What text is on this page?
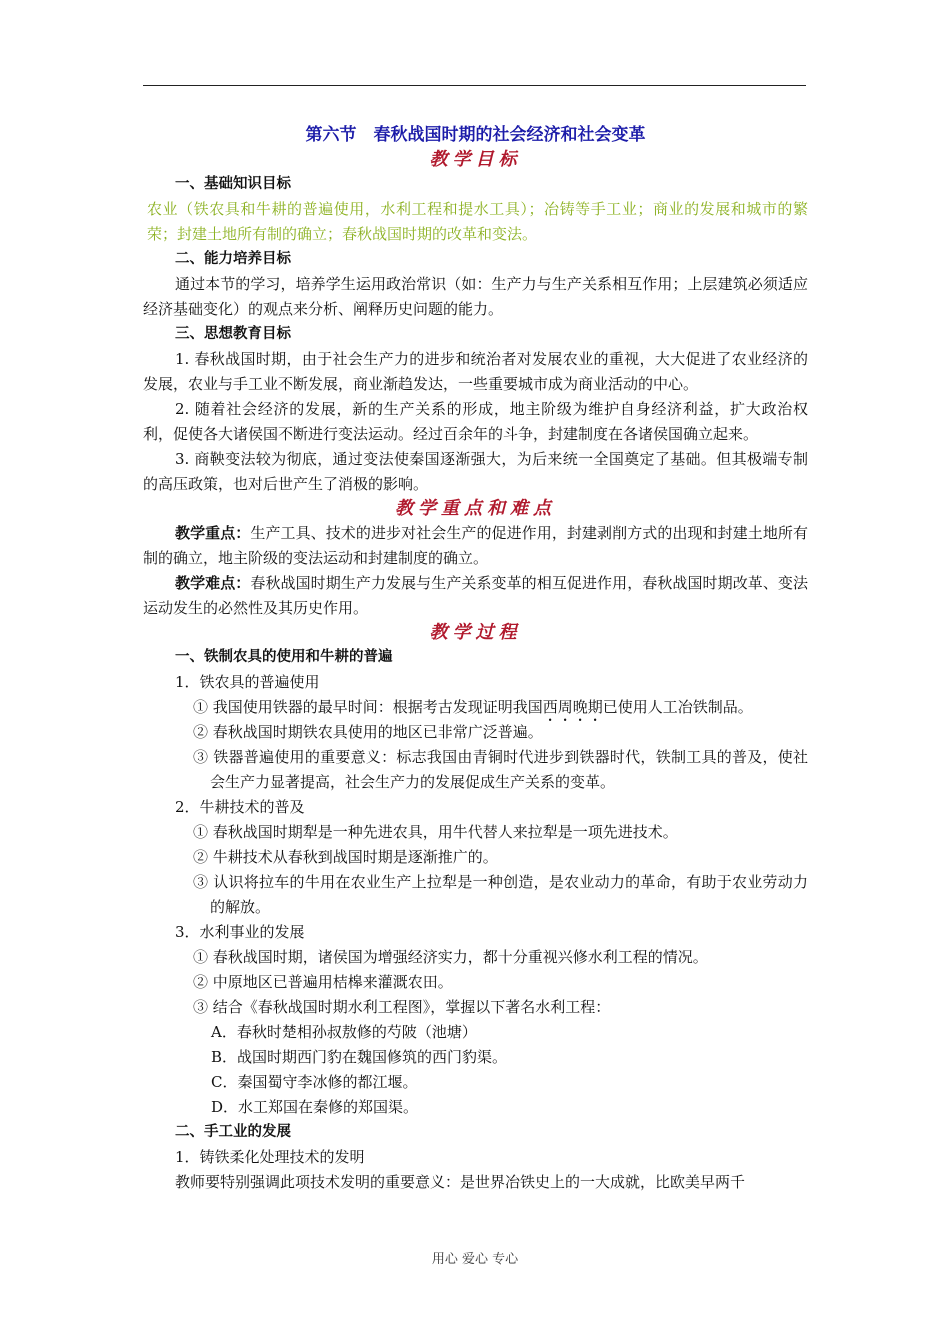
第六节　春秋战国时期的社会经济和社会变革
教学目标
一、基础知识目标
农业（铁农具和牛耕的普遍使用，水利工程和提水工具）；冶铸等手工业；商业的发展和城市的繁荣；封建土地所有制的确立；春秋战国时期的改革和变法。
二、能力培养目标
通过本节的学习，培养学生运用政治常识（如：生产力与生产关系相互作用；上层建筑必须适应经济基础变化）的观点来分析、阐释历史问题的能力。
三、思想教育目标
1. 春秋战国时期，由于社会生产力的进步和统治者对发展农业的重视，大大促进了农业经济的发展，农业与手工业不断发展，商业渐趋发达，一些重要城市成为商业活动的中心。
2. 随着社会经济的发展，新的生产关系的形成，地主阶级为维护自身经济利益，扩大政治权利，促使各大诸侯国不断进行变法运动。经过百余年的斗争，封建制度在各诸侯国确立起来。
3. 商鞅变法较为彻底，通过变法使秦国逐渐强大，为后来统一全国奠定了基础。但其极端专制的高压政策，也对后世产生了消极的影响。
教学重点和难点
教学重点：生产工具、技术的进步对社会生产的促进作用，封建剥削方式的出现和封建土地所有制的确立，地主阶级的变法运动和封建制度的确立。
教学难点：春秋战国时期生产力发展与生产关系变革的相互促进作用，春秋战国时期改革、变法运动发生的必然性及其历史作用。
教学过程
一、铁制农具的使用和牛耕的普遍
1．铁农具的普遍使用
① 我国使用铁器的最早时间：根据考古发现证明我国西周晚期已使用人工冶铁制品。
② 春秋战国时期铁农具使用的地区已非常广泛普遍。
③ 铁器普遍使用的重要意义：标志我国由青铜时代进步到铁器时代，铁制工具的普及，使社会生产力显著提高，社会生产力的发展促成生产关系的变革。
2．牛耕技术的普及
① 春秋战国时期犁是一种先进农具，用牛代替人来拉犁是一项先进技术。
② 牛耕技术从春秋到战国时期是逐渐推广的。
③ 认识将拉车的牛用在农业生产上拉犁是一种创造，是农业动力的革命，有助于农业劳动力的解放。
3．水利事业的发展
① 春秋战国时期，诸侯国为增强经济实力，都十分重视兴修水利工程的情况。
② 中原地区已普遍用桔槔来灌溉农田。
③ 结合《春秋战国时期水利工程图》，掌握以下著名水利工程：
A．春秋时楚相孙叔敖修的芍陂（池塘）
B．战国时期西门豹在魏国修筑的西门豹渠。
C．秦国蜀守李冰修的都江堰。
D．水工郑国在秦修的郑国渠。
二、手工业的发展
1．铸铁柔化处理技术的发明
教师要特别强调此项技术发明的重要意义：是世界冶铁史上的一大成就，比欧美早两千
用心 爱心 专心
